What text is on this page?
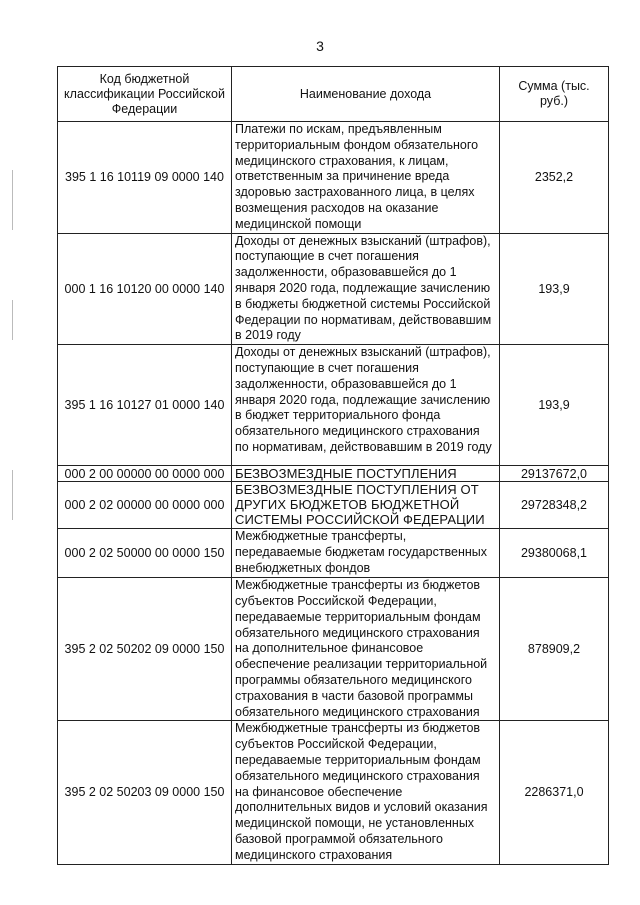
3
Код бюджетной классификации Российской Федерации	Наименование дохода	Сумма (тыс. руб.)
395 1 16 10119 09 0000 140	Платежи по искам, предъявленным территориальным фондом обязательного медицинского страхования, к лицам, ответственным за причинение вреда здоровью застрахованного лица, в целях возмещения расходов на оказание медицинской помощи	2352,2
000 1 16 10120 00 0000 140	Доходы от денежных взысканий (штрафов), поступающие в счет погашения задолженности, образовавшейся до 1 января 2020 года, подлежащие зачислению в бюджеты бюджетной системы Российской Федерации по нормативам, действовавшим в 2019 году	193,9
395 1 16 10127 01 0000 140	Доходы от денежных взысканий (штрафов), поступающие в счет погашения задолженности, образовавшейся до 1 января 2020 года, подлежащие зачислению в бюджет территориального фонда обязательного медицинского страхования по нормативам, действовавшим в 2019 году	193,9
000 2 00 00000 00 0000 000	БЕЗВОЗМЕЗДНЫЕ ПОСТУПЛЕНИЯ	29137672,0
000 2 02 00000 00 0000 000	БЕЗВОЗМЕЗДНЫЕ ПОСТУПЛЕНИЯ ОТ ДРУГИХ БЮДЖЕТОВ БЮДЖЕТНОЙ СИСТЕМЫ РОССИЙСКОЙ ФЕДЕРАЦИИ	29728348,2
000 2 02 50000 00 0000 150	Межбюджетные трансферты, передаваемые бюджетам государственных внебюджетных фондов	29380068,1
395 2 02 50202 09 0000 150	Межбюджетные трансферты из бюджетов субъектов Российской Федерации, передаваемые территориальным фондам обязательного медицинского страхования на дополнительное финансовое обеспечение реализации территориальной программы обязательного медицинского страхования в части базовой программы обязательного медицинского страхования	878909,2
395 2 02 50203 09 0000 150	Межбюджетные трансферты из бюджетов субъектов Российской Федерации, передаваемые территориальным фондам обязательного медицинского страхования на финансовое обеспечение дополнительных видов и условий оказания медицинской помощи, не установленных базовой программой обязательного медицинского страхования	2286371,0
